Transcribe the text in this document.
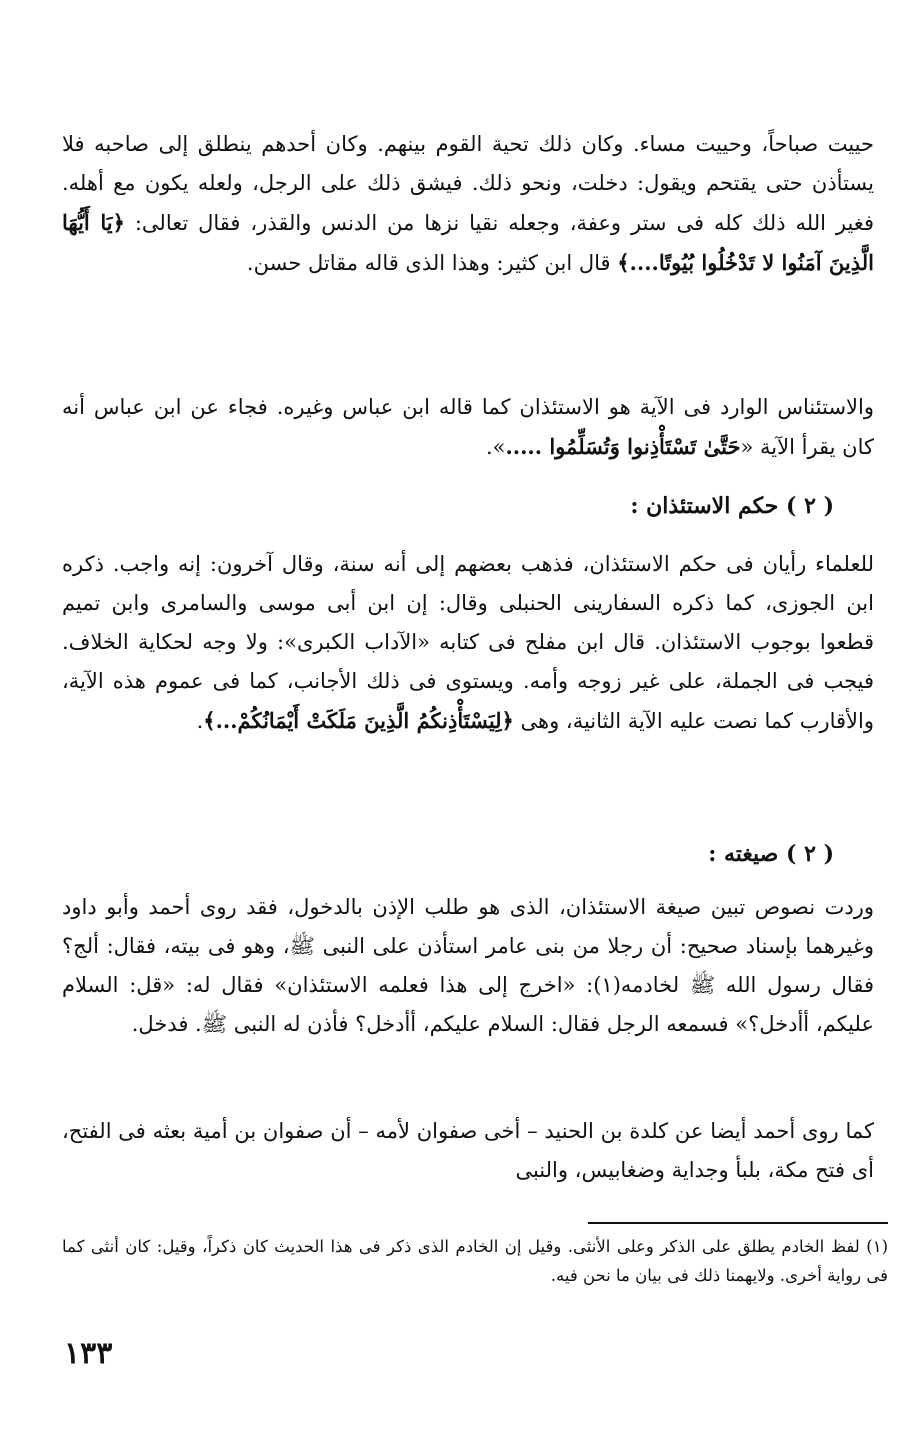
حييت صباحاً، وحييت مساء. وكان ذلك تحية القوم بينهم. وكان أحدهم ينطلق إلى صاحبه فلا يستأذن حتى يقتحم ويقول: دخلت، ونحو ذلك. فيشق ذلك على الرجل، ولعله يكون مع أهله. فغير الله ذلك كله فى ستر وعفة، وجعله نقيا نزها من الدنس والقذر، فقال تعالى: ﴿يَا أَيُّهَا الَّذِينَ آمَنُوا لا تَدْخُلُوا بُيُوتًا....﴾ قال ابن كثير: وهذا الذى قاله مقاتل حسن.

والاستئناس الوارد فى الآية هو الاستئذان كما قاله ابن عباس وغيره. فجاء عن ابن عباس أنه كان يقرأ الآية «حَتَّىٰ تَسْتَأْذِنوا وَتُسَلِّمُوا .....».

( ٢ ) حكم الاستئذان :

للعلماء رأيان فى حكم الاستئذان، فذهب بعضهم إلى أنه سنة، وقال آخرون: إنه واجب. ذكره ابن الجوزى، كما ذكره السفارينى الحنبلى وقال: إن ابن أبى موسى والسامرى وابن تميم قطعوا بوجوب الاستئذان. قال ابن مفلح فى كتابه «الآداب الكبرى»: ولا وجه لحكاية الخلاف. فيجب فى الجملة، على غير زوجه وأمه. ويستوى فى ذلك الأجانب، كما فى عموم هذه الآية، والأقارب كما نصت عليه الآية الثانية، وهى ﴿لِيَسْتَأْذِنكُمُ الَّذِينَ مَلَكَتْ أَيْمَانُكُمْ...﴾.

( ٢ ) صيغته :

وردت نصوص تبين صيغة الاستئذان، الذى هو طلب الإذن بالدخول، فقد روى أحمد وأبو داود وغيرهما بإسناد صحيح: أن رجلا من بنى عامر استأذن على النبى ﷺ، وهو فى بيته، فقال: ألج؟ فقال رسول الله ﷺ لخادمه(١): «اخرج إلى هذا فعلمه الاستئذان» فقال له: «قل: السلام عليكم، أأدخل؟» فسمعه الرجل فقال: السلام عليكم، أأدخل؟ فأذن له النبى ﷺ. فدخل.

كما روى أحمد أيضا عن كلدة بن الحنيد – أخى صفوان لأمه – أن صفوان بن أمية بعثه فى الفتح، أى فتح مكة، بلبأ وجداية وضغابيس، والنبى

(١) لفظ الخادم يطلق على الذكر وعلى الأنثى. وقيل إن الخادم الذى ذكر فى هذا الحديث كان ذكراً، وقيل: كان أنثى كما فى رواية أخرى. ولايهمنا ذلك فى بيان ما نحن فيه.

١٣٣
